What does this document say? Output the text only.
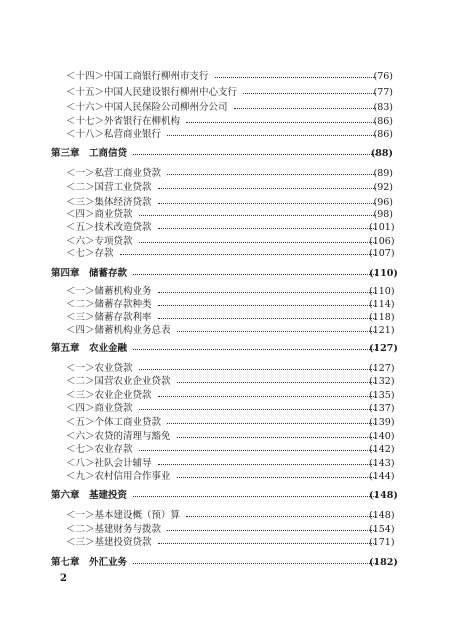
＜十四＞中国工商银行柳州市支行	(76)
＜十五＞中国人民建设银行柳州中心支行	(77)
＜十六＞中国人民保险公司柳州分公司	(83)
＜十七＞外省银行在柳机构	(86)
＜十八＞私营商业银行	(86)
第三章　工商信贷	(88)
＜一＞私营工商业贷款	(89)
＜二＞国营工业贷款	(92)
＜三＞集体经济贷款	(96)
＜四＞商业贷款	(98)
＜五＞技术改造贷款	(101)
＜六＞专项贷款	(106)
＜七＞存款	(107)
第四章　储蓄存款	(110)
＜一＞储蓄机构业务	(110)
＜二＞储蓄存款种类	(114)
＜三＞储蓄存款利率	(118)
＜四＞储蓄机构业务总表	(121)
第五章　农业金融	(127)
＜一＞农业贷款	(127)
＜二＞国营农业企业贷款	(132)
＜三＞农业企业贷款	(135)
＜四＞商业贷款	(137)
＜五＞个体工商业贷款	(139)
＜六＞农贷的清理与豁免	(140)
＜七＞农业存款	(142)
＜八＞社队会计辅导	(143)
＜九＞农村信用合作事业	(144)
第六章　基建投资	(148)
＜一＞基本建设概（预）算	(148)
＜二＞基建财务与拨款	(154)
＜三＞基建投资贷款	(171)
第七章　外汇业务	(182)
2
